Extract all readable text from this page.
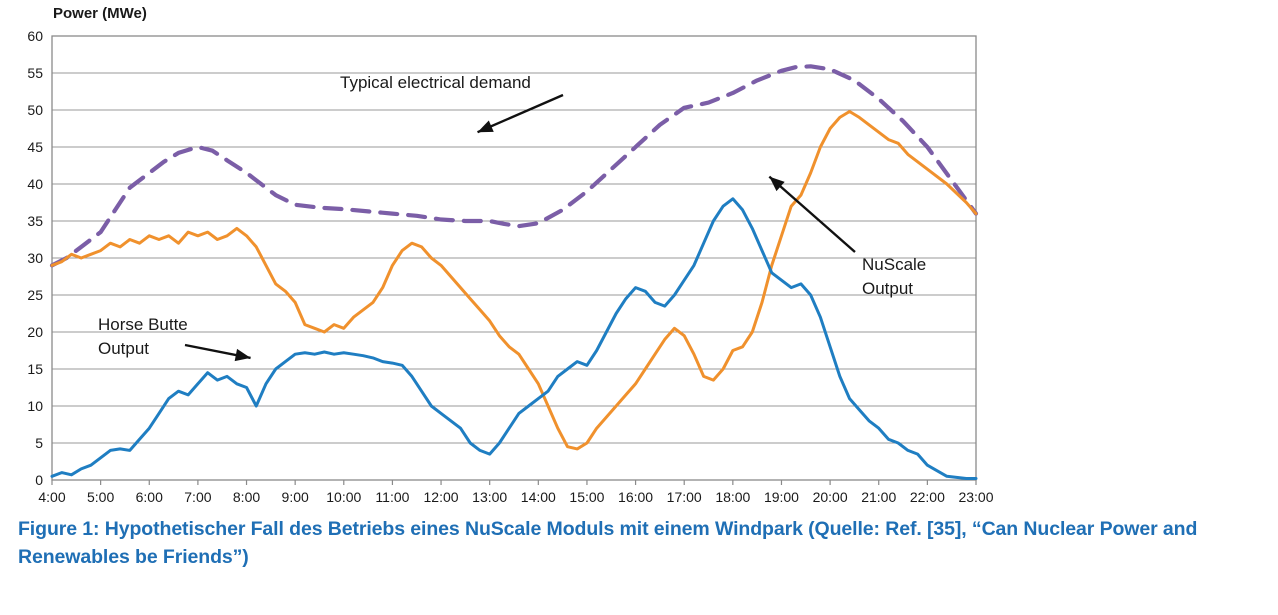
Power (MWe)
0
5
10
15
20
25
30
35
40
45
50
55
60
4:00 5:00 6:00 7:00 8:00 9:00 10:00 11:00 12:00 13:00 14:00 15:00 16:00 17:00 18:00 19:00 20:00 21:00 22:00 23:00
Typical electrical demand
NuScale
Output
Horse Butte
Output
Figure 1: Hypothetischer Fall des Betriebs eines NuScale Moduls mit einem Windpark (Quelle: Ref. [35], “Can Nuclear Power and Renewables be Friends”)
